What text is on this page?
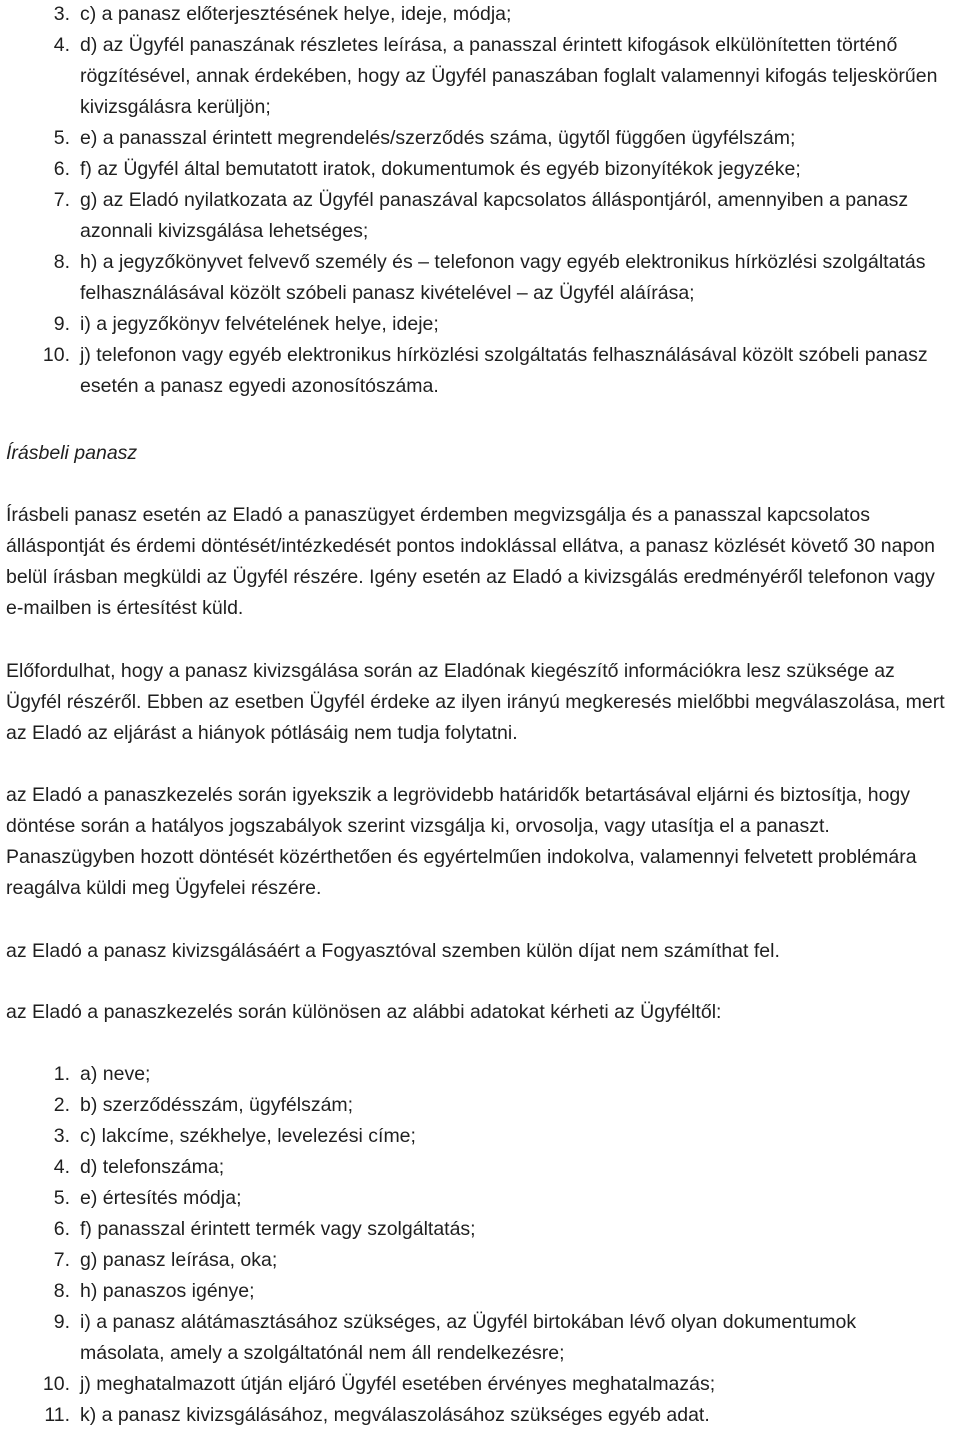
3. c) a panasz előterjesztésének helye, ideje, módja;
4. d) az Ügyfél panaszának részletes leírása, a panasszal érintett kifogások elkülönítetten történő rögzítésével, annak érdekében, hogy az Ügyfél panaszában foglalt valamennyi kifogás teljeskörűen kivizsgálásra kerüljön;
5. e) a panasszal érintett megrendelés/szerződés száma, ügytől függően ügyfélszám;
6. f) az Ügyfél által bemutatott iratok, dokumentumok és egyéb bizonyítékok jegyzéke;
7. g) az Eladó nyilatkozata az Ügyfél panaszával kapcsolatos álláspontjáról, amennyiben a panasz azonnali kivizsgálása lehetséges;
8. h) a jegyzőkönyvet felvevő személy és – telefonon vagy egyéb elektronikus hírközlési szolgáltatás felhasználásával közölt szóbeli panasz kivételével – az Ügyfél aláírása;
9. i) a jegyzőkönyv felvételének helye, ideje;
10. j) telefonon vagy egyéb elektronikus hírközlési szolgáltatás felhasználásával közölt szóbeli panasz esetén a panasz egyedi azonosítószáma.
Írásbeli panasz

Írásbeli panasz esetén az Eladó a panaszügyet érdemben megvizsgálja és a panasszal kapcsolatos álláspontját és érdemi döntését/intézkedését pontos indoklással ellátva, a panasz közlését követő 30 napon belül írásban megküldi az Ügyfél részére. Igény esetén az Eladó a kivizsgálás eredményéről telefonon vagy e-mailben is értesítést küld.

Előfordulhat, hogy a panasz kivizsgálása során az Eladónak kiegészítő információkra lesz szüksége az Ügyfél részéről. Ebben az esetben Ügyfél érdeke az ilyen irányú megkeresés mielőbbi megválaszolása, mert az Eladó az eljárást a hiányok pótlásáig nem tudja folytatni.

az Eladó a panaszkezelés során igyekszik a legrövidebb határidők betartásával eljárni és biztosítja, hogy döntése során a hatályos jogszabályok szerint vizsgálja ki, orvosolja, vagy utasítja el a panaszt. Panaszügyben hozott döntését közérthetően és egyértelműen indokolva, valamennyi felvetett problémára reagálva küldi meg Ügyfelei részére.

az Eladó a panasz kivizsgálásáért a Fogyasztóval szemben külön díjat nem számíthat fel.

az Eladó a panaszkezelés során különösen az alábbi adatokat kérheti az Ügyféltől:

1. a) neve;
2. b) szerződésszám, ügyfélszám;
3. c) lakcíme, székhelye, levelezési címe;
4. d) telefonszáma;
5. e) értesítés módja;
6. f) panasszal érintett termék vagy szolgáltatás;
7. g) panasz leírása, oka;
8. h) panaszos igénye;
9. i) a panasz alátámasztásához szükséges, az Ügyfél birtokában lévő olyan dokumentumok másolata, amely a szolgáltatónál nem áll rendelkezésre;
10. j) meghatalmazott útján eljáró Ügyfél esetében érvényes meghatalmazás;
11. k) a panasz kivizsgálásához, megválaszolásához szükséges egyéb adat.
